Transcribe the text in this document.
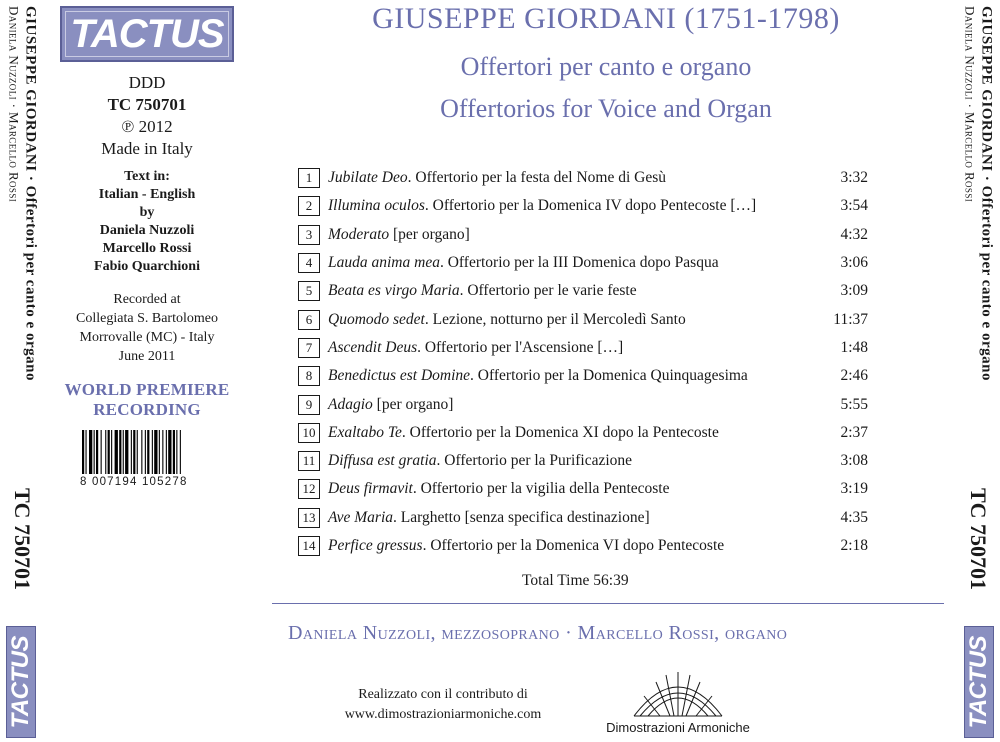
GIUSEPPE GIORDANI · Offertori per canto e organo
Daniela Nuzzoli · Marcello Rossi
TC 750701
TACTUS
GIUSEPPE GIORDANI · Offertori per canto e organo
Daniela Nuzzoli · Marcello Rossi
TC 750701
TACTUS
TACTUS
DDD
TC 750701
℗ 2012
Made in Italy
Text in:
Italian - English
by
Daniela Nuzzoli
Marcello Rossi
Fabio Quarchioni
Recorded at
Collegiata S. Bartolomeo
Morrovalle (MC) - Italy
June 2011
WORLD PREMIERE
RECORDING
8 007194 105278
GIUSEPPE GIORDANI (1751-1798)
Offertori per canto e organo
Offertorios for Voice and Organ
1	Jubilate Deo. Offertorio per la festa del Nome di Gesù	3:32
2	Illumina oculos. Offertorio per la Domenica IV dopo Pentecoste […]	3:54
3	Moderato [per organo]	4:32
4	Lauda anima mea. Offertorio per la III Domenica dopo Pasqua	3:06
5	Beata es virgo Maria. Offertorio per le varie feste	3:09
6	Quomodo sedet. Lezione, notturno per il Mercoledì Santo	11:37
7	Ascendit Deus. Offertorio per l'Ascensione […]	1:48
8	Benedictus est Domine. Offertorio per la Domenica Quinquagesima	2:46
9	Adagio [per organo]	5:55
10 Exaltabo Te. Offertorio per la Domenica XI dopo la Pentecoste	2:37
11 Diffusa est gratia. Offertorio per la Purificazione	3:08
12 Deus firmavit. Offertorio per la vigilia della Pentecoste	3:19
13 Ave Maria. Larghetto [senza specifica destinazione]	4:35
14 Perfice gressus. Offertorio per la Domenica VI dopo Pentecoste	2:18
Total Time 56:39
Daniela Nuzzoli, mezzosoprano · Marcello Rossi, organo
Realizzato con il contributo di
www.dimostrazioniarmoniche.com
Dimostrazioni Armoniche
